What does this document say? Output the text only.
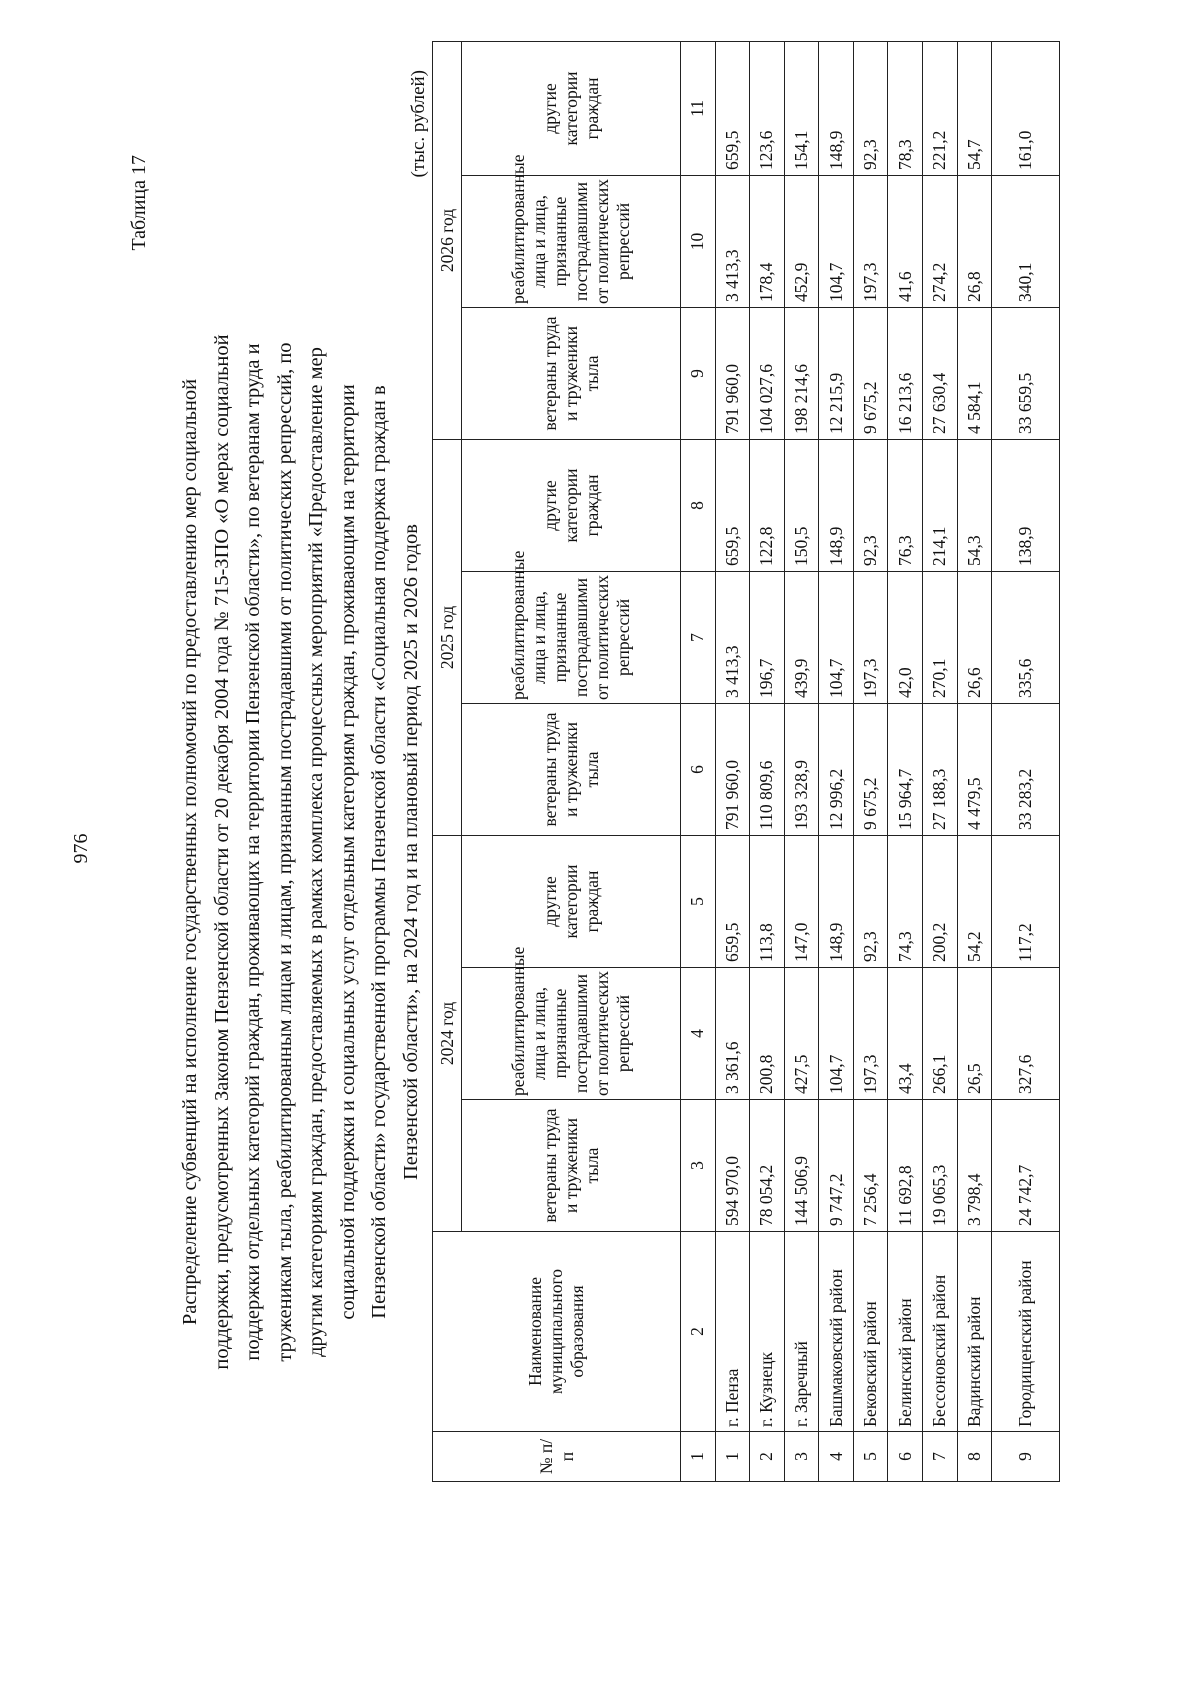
976
Таблица 17
Распределение субвенций на исполнение государственных полномочий по предоставлению мер социальной поддержки, предусмотренных Законом Пензенской области от 20 декабря 2004 года № 715-ЗПО «О мерах социальной поддержки отдельных категорий граждан, проживающих на территории Пензенской области», по ветеранам труда и труженикам тыла, реабилитированным лицам и лицам, признанным пострадавшими от политических репрессий, по другим категориям граждан, предоставляемых в рамках комплекса процессных мероприятий «Предоставление мер социальной поддержки и социальных услуг отдельным категориям граждан, проживающим на территории Пензенской области» государственной программы Пензенской области «Социальная поддержка граждан в Пензенской области», на 2024 год и на плановый период 2025 и 2026 годов
(тыс. рублей)
№ п/п	Наименование муниципального образования	2024 год			2025 год			2026 год		
		ветераны труда и труженики тыла	реабилитированные лица и лица, признанные пострадавшими от политических репрессий	другие категории граждан	ветераны труда и труженики тыла	реабилитированные лица и лица, признанные пострадавшими от политических репрессий	другие категории граждан	ветераны труда и труженики тыла	реабилитированные лица и лица, признанные пострадавшими от политических репрессий	другие категории граждан
1	2	3	4	5	6	7	8	9	10	11
1	г. Пенза	594 970,0	3 361,6	659,5	791 960,0	3 413,3	659,5	791 960,0	3 413,3	659,5
2	г. Кузнецк	78 054,2	200,8	113,8	110 809,6	196,7	122,8	104 027,6	178,4	123,6
3	г. Заречный	144 506,9	427,5	147,0	193 328,9	439,9	150,5	198 214,6	452,9	154,1
4	Башмаковский район	9 747,2	104,7	148,9	12 996,2	104,7	148,9	12 215,9	104,7	148,9
5	Бековский район	7 256,4	197,3	92,3	9 675,2	197,3	92,3	9 675,2	197,3	92,3
6	Белинский район	11 692,8	43,4	74,3	15 964,7	42,0	76,3	16 213,6	41,6	78,3
7	Бессоновский район	19 065,3	266,1	200,2	27 188,3	270,1	214,1	27 630,4	274,2	221,2
8	Вадинский район	3 798,4	26,5	54,2	4 479,5	26,6	54,3	4 584,1	26,8	54,7
9	Городищенский район	24 742,7	327,6	117,2	33 283,2	335,6	138,9	33 659,5	340,1	161,0
